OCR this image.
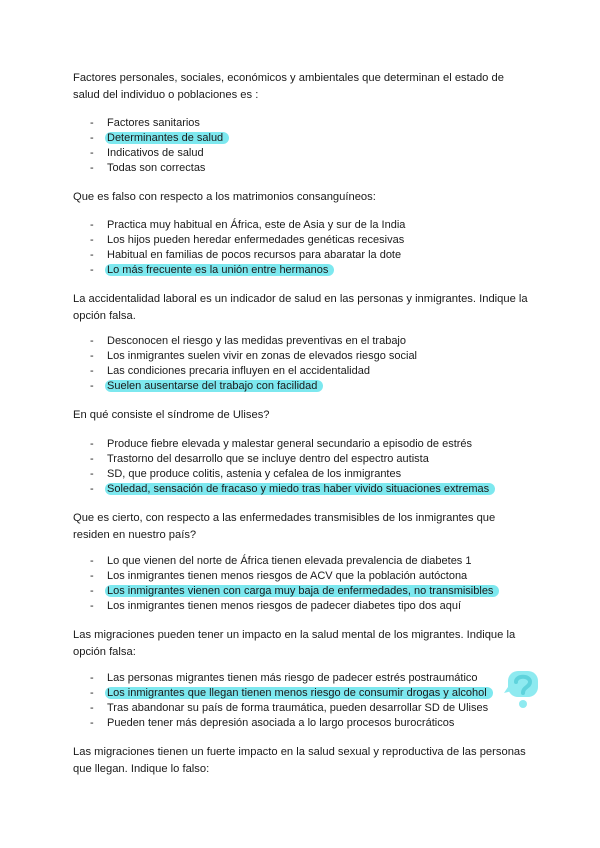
Factores personales, sociales, económicos y ambientales que determinan el estado de salud del individuo o poblaciones es :

- Factores sanitarios
- Determinantes de salud
- Indicativos de salud
- Todas son correctas

Que es falso con respecto a los matrimonios consanguíneos:

- Practica muy habitual en África, este de Asia y sur de la India
- Los hijos pueden heredar enfermedades genéticas recesivas
- Habitual en familias de pocos recursos para abaratar la dote
- Lo más frecuente es la unión entre hermanos

La accidentalidad laboral es un indicador de salud en las personas y inmigrantes. Indique la opción falsa.

- Desconocen el riesgo y las medidas preventivas en el trabajo
- Los inmigrantes suelen vivir en zonas de elevados riesgo social
- Las condiciones precaria influyen en el accidentalidad
- Suelen ausentarse del trabajo con facilidad

En qué consiste el síndrome de Ulises?

- Produce fiebre elevada y malestar general secundario a episodio de estrés
- Trastorno del desarrollo que se incluye dentro del espectro autista
- SD, que produce colitis, astenia y cefalea de los inmigrantes
- Soledad, sensación de fracaso y miedo tras haber vivido situaciones extremas

Que es cierto, con respecto a las enfermedades transmisibles de los inmigrantes que residen en nuestro país?

- Lo que vienen del norte de África tienen elevada prevalencia de diabetes 1
- Los inmigrantes tienen menos riesgos de ACV que la población autóctona
- Los inmigrantes vienen con carga muy baja de enfermedades, no transmisibles
- Los inmigrantes tienen menos riesgos de padecer diabetes tipo dos aquí

Las migraciones pueden tener un impacto en la salud mental de los migrantes. Indique la opción falsa:

- Las personas migrantes tienen más riesgo de padecer estrés postraumático
- Los inmigrantes que llegan tienen menos riesgo de consumir drogas y alcohol
- Tras abandonar su país de forma traumática, pueden desarrollar SD de Ulises
- Pueden tener más depresión asociada a lo largo procesos burocráticos

Las migraciones tienen un fuerte impacto en la salud sexual y reproductiva de las personas que llegan. Indique lo falso:
